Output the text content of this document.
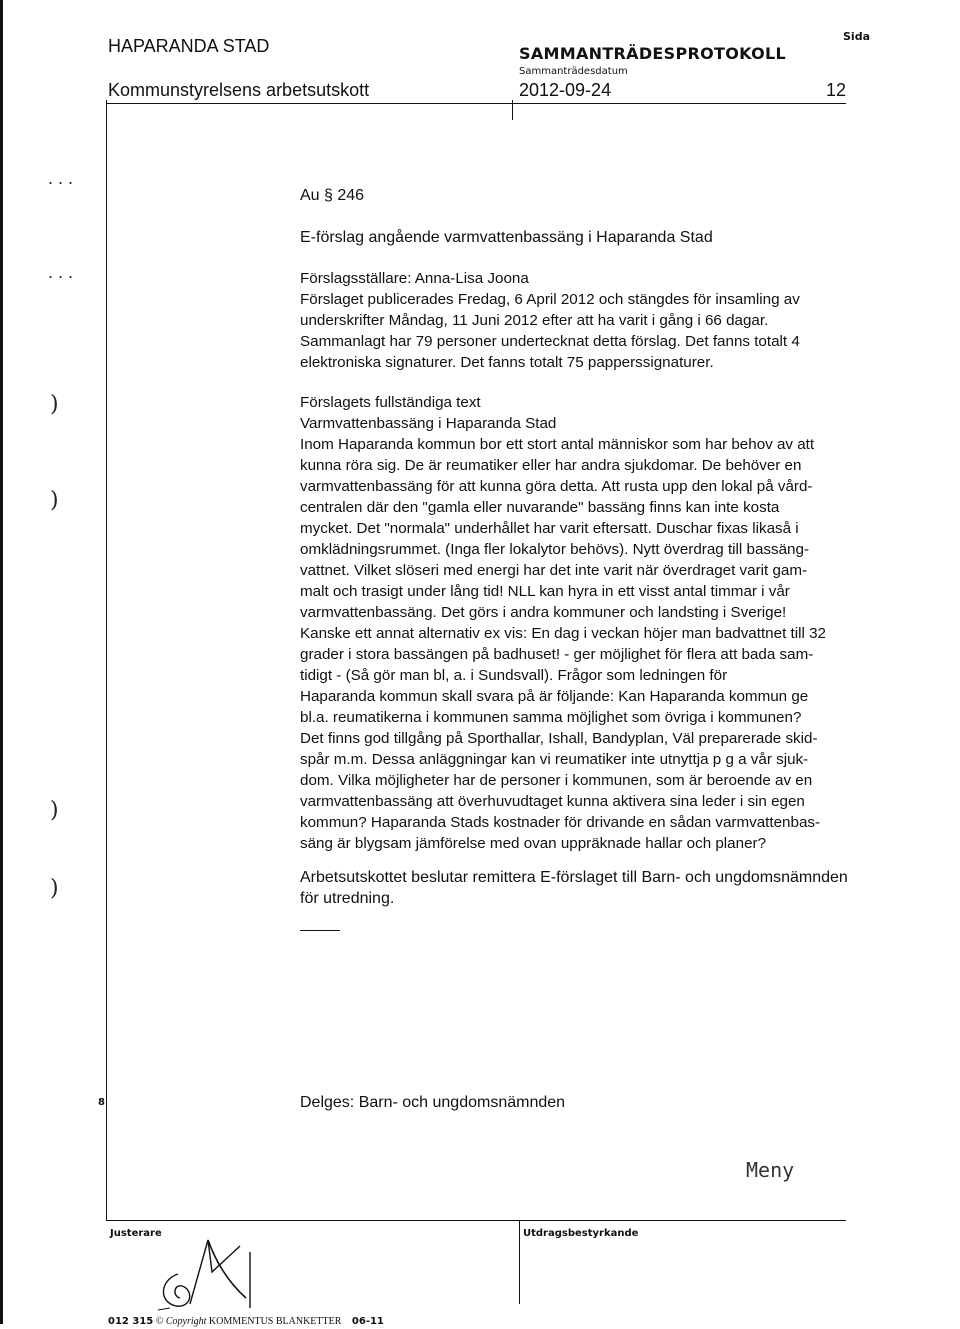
HAPARANDA STAD
Kommunstyrelsens arbetsutskott
SAMMANTRÄDESPROTOKOLL
Sammanträdesdatum
2012-09-24
Sida
12
. . .
. . .
)
)
)
)
Au § 246
E-förslag angående varmvattenbassäng i Haparanda Stad
Förslagsställare: Anna-Lisa Joona
Förslaget publicerades Fredag, 6 April 2012 och stängdes för insamling av
underskrifter Måndag, 11 Juni 2012 efter att ha varit i gång i 66 dagar.
Sammanlagt har 79 personer undertecknat detta förslag. Det fanns totalt 4
elektroniska signaturer. Det fanns totalt 75 papperssignaturer.
Förslagets fullständiga text
Varmvattenbassäng i Haparanda Stad
Inom Haparanda kommun bor ett stort antal människor som har behov av att
kunna röra sig. De är reumatiker eller har andra sjukdomar. De behöver en
varmvattenbassäng för att kunna göra detta. Att rusta upp den lokal på vård-
centralen där den "gamla eller nuvarande" bassäng finns kan inte kosta
mycket. Det "normala" underhållet har varit eftersatt. Duschar fixas likaså i
omklädningsrummet. (Inga fler lokalytor behövs). Nytt överdrag till bassäng-
vattnet. Vilket slöseri med energi har det inte varit när överdraget varit gam-
malt och trasigt under lång tid! NLL kan hyra in ett visst antal timmar i vår
varmvattenbassäng. Det görs i andra kommuner och landsting i Sverige!
Kanske ett annat alternativ ex vis: En dag i veckan höjer man badvattnet till 32
grader i stora bassängen på badhuset! - ger möjlighet för flera att bada sam-
tidigt - (Så gör man bl, a. i Sundsvall). Frågor som ledningen för
Haparanda kommun skall svara på är följande: Kan Haparanda kommun ge
bl.a. reumatikerna i kommunen samma möjlighet som övriga i kommunen?
Det finns god tillgång på Sporthallar, Ishall, Bandyplan, Väl preparerade skid-
spår m.m. Dessa anläggningar kan vi reumatiker inte utnyttja p g a vår sjuk-
dom. Vilka möjligheter har de personer i kommunen, som är beroende av en
varmvattenbassäng att överhuvudtaget kunna aktivera sina leder i sin egen
kommun? Haparanda Stads kostnader för drivande en sådan varmvattenbas-
säng är blygsam jämförelse med ovan uppräknade hallar och planer?
Arbetsutskottet beslutar remittera E-förslaget till Barn- och ungdomsnämnden
för utredning.
8	Delges: Barn- och ungdomsnämnden
Meny
Justerare	Utdragsbestyrkande
012 315 © Copyright KOMMENTUS BLANKETTER 06-11
